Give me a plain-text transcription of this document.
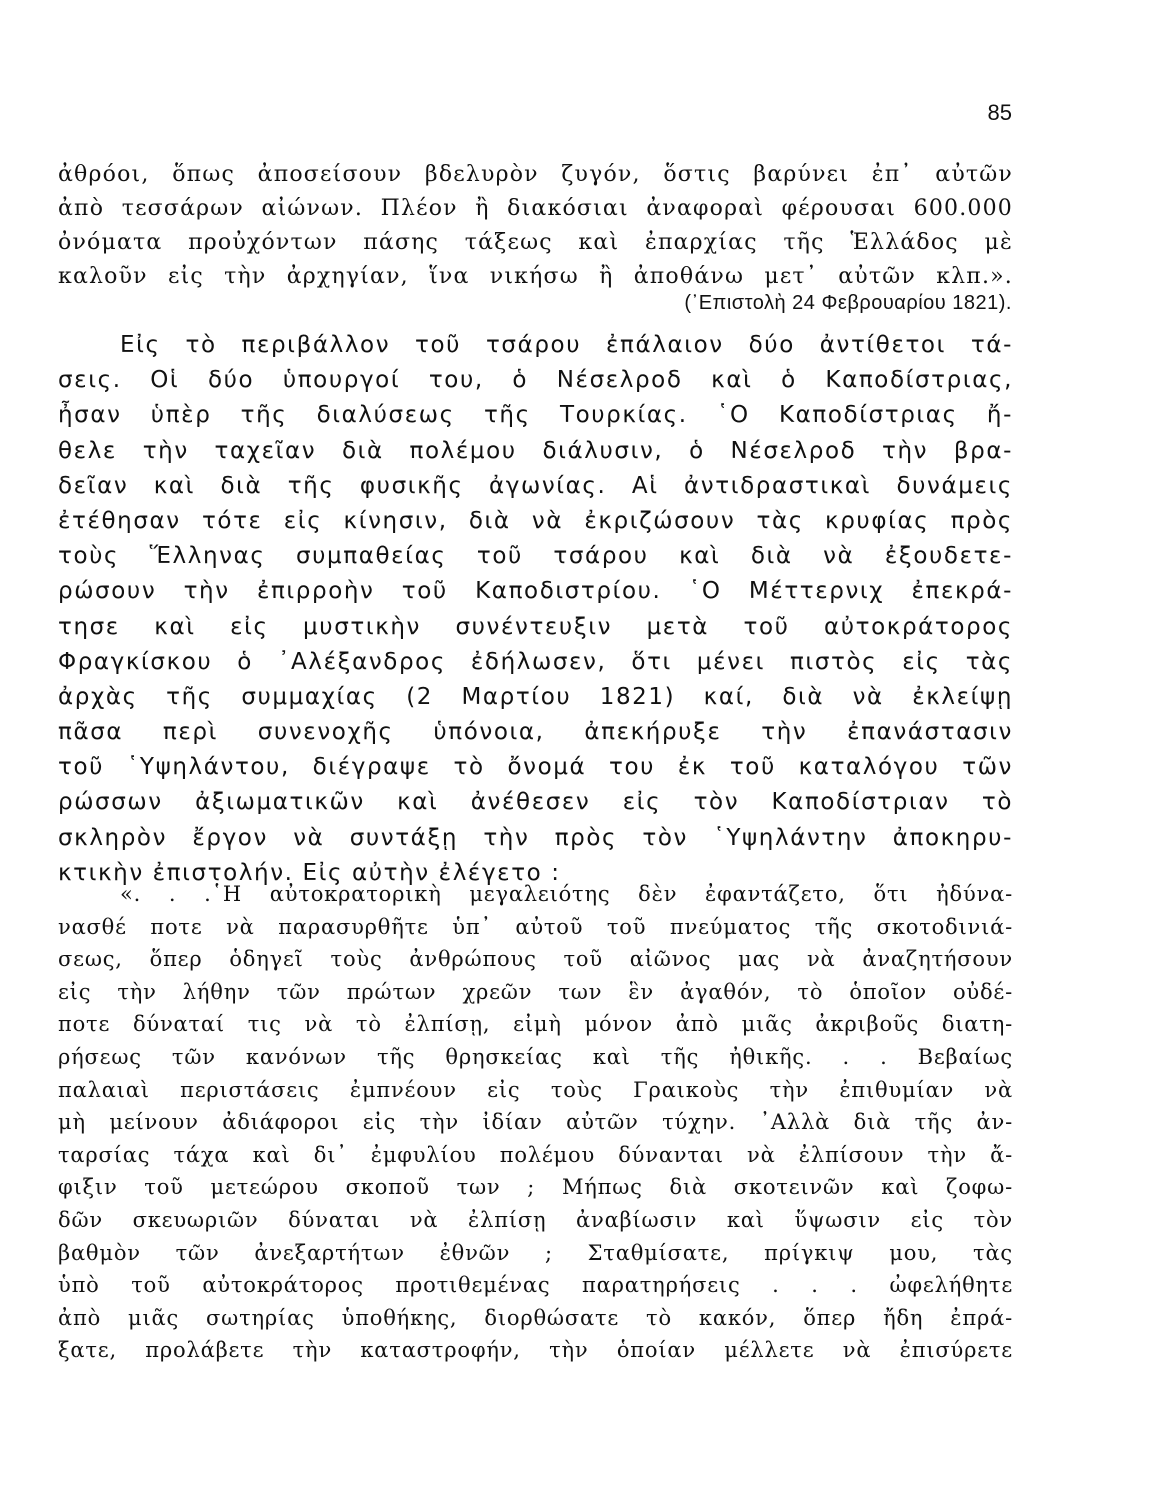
85
ἀθρόοι, ὅπως ἀποσείσουν βδελυρὸν ζυγόν, ὅστις βαρύνει ἐπ᾿ αὐτῶν
ἀπὸ τεσσάρων αἰώνων. Πλέον ἢ διακόσιαι ἀναφοραὶ φέρουσαι 600.000
ὀνόματα προὐχόντων πάσης τάξεως καὶ ἐπαρχίας τῆς Ἑλλάδος μὲ
καλοῦν εἰς τὴν ἀρχηγίαν, ἵνα νικήσω ἢ ἀποθάνω μετ᾿ αὐτῶν κλπ.».
(᾿Επιστολὴ 24 Φεβρουαρίου 1821).
Εἰς τὸ περιβάλλον τοῦ τσάρου ἐπάλαιον δύο ἀντίθετοι τά-
σεις. Οἱ δύο ὑπουργοί του, ὁ Νέσελροδ καὶ ὁ Καποδίστριας,
ἦσαν ὑπὲρ τῆς διαλύσεως τῆς Τουρκίας. ῾Ο Καποδίστριας ἤ-
θελε τὴν ταχεῖαν διὰ πολέμου διάλυσιν, ὁ Νέσελροδ τὴν βρα-
δεῖαν καὶ διὰ τῆς φυσικῆς ἀγωνίας. Αἱ ἀντιδραστικαὶ δυνάμεις
ἐτέθησαν τότε εἰς κίνησιν, διὰ νὰ ἐκριζώσουν τὰς κρυφίας πρὸς
τοὺς Ἕλληνας συμπαθείας τοῦ τσάρου καὶ διὰ νὰ ἐξουδετε-
ρώσουν τὴν ἐπιρροὴν τοῦ Καποδιστρίου. ῾Ο Μέττερνιχ ἐπεκρά-
τησε καὶ εἰς μυστικὴν συνέντευξιν μετὰ τοῦ αὐτοκράτορος
Φραγκίσκου ὁ ᾿Αλέξανδρος ἐδήλωσεν, ὅτι μένει πιστὸς εἰς τὰς
ἀρχὰς τῆς συμμαχίας (2 Μαρτίου 1821) καί, διὰ νὰ ἐκλείψῃ
πᾶσα περὶ συνενοχῆς ὑπόνοια, ἀπεκήρυξε τὴν ἐπανάστασιν
τοῦ ῾Υψηλάντου, διέγραψε τὸ ὄνομά του ἐκ τοῦ καταλόγου τῶν
ρώσσων ἀξιωματικῶν καὶ ἀνέθεσεν εἰς τὸν Καποδίστριαν τὸ
σκληρὸν ἔργον νὰ συντάξῃ τὴν πρὸς τὸν ῾Υψηλάντην ἀποκηρυ-
κτικὴν ἐπιστολήν. Εἰς αὐτὴν ἐλέγετο :
«. . .῾Η αὐτοκρατορικὴ μεγαλειότης δὲν ἐφαντάζετο, ὅτι ἠδύνα-
νασθέ ποτε νὰ παρασυρθῆτε ὑπ᾿ αὐτοῦ τοῦ πνεύματος τῆς σκοτοδινιά-
σεως, ὅπερ ὁδηγεῖ τοὺς ἀνθρώπους τοῦ αἰῶνος μας νὰ ἀναζητήσουν
εἰς τὴν λήθην τῶν πρώτων χρεῶν των ἓν ἀγαθόν, τὸ ὁποῖον οὐδέ-
ποτε δύναταί τις νὰ τὸ ἐλπίσῃ, εἰμὴ μόνον ἀπὸ μιᾶς ἀκριβοῦς διατη-
ρήσεως τῶν κανόνων τῆς θρησκείας καὶ τῆς ἠθικῆς. . . Βεβαίως
παλαιαὶ περιστάσεις ἐμπνέουν εἰς τοὺς Γραικοὺς τὴν ἐπιθυμίαν νὰ
μὴ μείνουν ἀδιάφοροι εἰς τὴν ἰδίαν αὐτῶν τύχην. ᾿Αλλὰ διὰ τῆς ἀν-
ταρσίας τάχα καὶ δι᾿ ἐμφυλίου πολέμου δύνανται νὰ ἐλπίσουν τὴν ἄ-
φιξιν τοῦ μετεώρου σκοποῦ των ; Μήπως διὰ σκοτεινῶν καὶ ζοφω-
δῶν σκευωριῶν δύναται νὰ ἐλπίσῃ ἀναβίωσιν καὶ ὕψωσιν εἰς τὸν
βαθμὸν τῶν ἀνεξαρτήτων ἐθνῶν ; Σταθμίσατε, πρίγκιψ μου, τὰς
ὑπὸ τοῦ αὐτοκράτορος προτιθεμένας παρατηρήσεις . . . ὠφελήθητε
ἀπὸ μιᾶς σωτηρίας ὑποθήκης, διορθώσατε τὸ κακόν, ὅπερ ἤδη ἐπρά-
ξατε, προλάβετε τὴν καταστροφήν, τὴν ὁποίαν μέλλετε νὰ ἐπισύρετε
